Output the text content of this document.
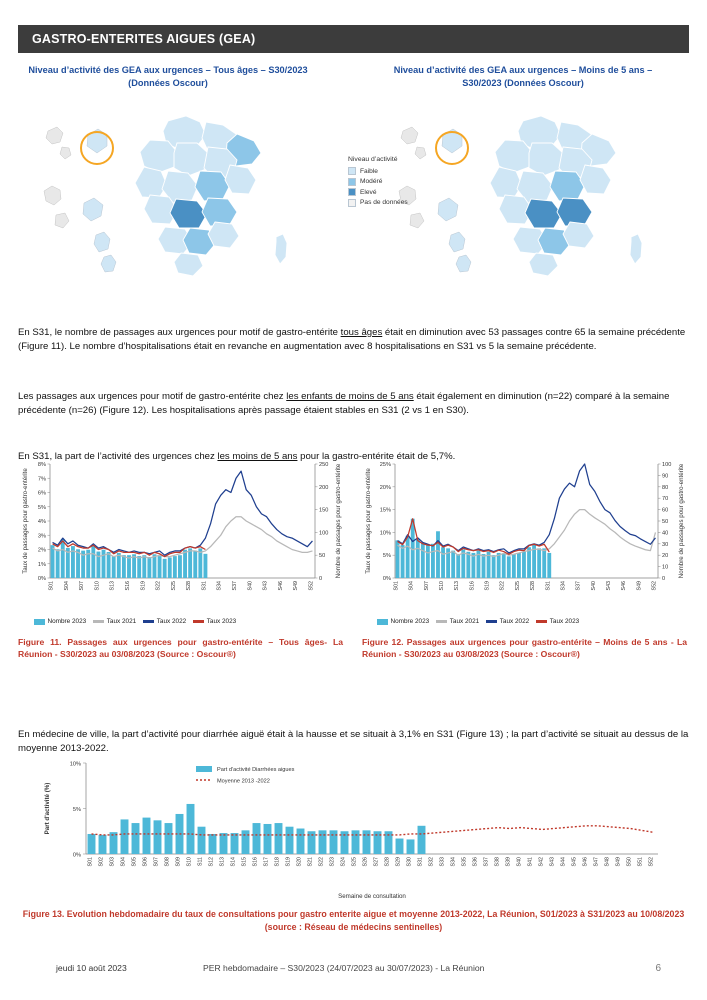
GASTRO-ENTERITES AIGUES (GEA)
Niveau d’activité des GEA aux urgences – Tous âges – S30/2023 (Données Oscour)
Niveau d’activité des GEA aux urgences – Moins de 5 ans – S30/2023 (Données Oscour)
Niveau d’activité
Faible
Modéré
Elevé
Pas de données

En S31, le nombre de passages aux urgences pour motif de gastro-entérite tous âges était en diminution avec 53 passages contre 65 la semaine précédente (Figure 11). Le nombre d’hospitalisations était en revanche en augmentation avec 8 hospitalisations en S31 vs 5 la semaine précédente.

Les passages aux urgences pour motif de gastro-entérite chez les enfants de moins de 5 ans était également en diminution (n=22) comparé à la semaine précédente (n=26) (Figure 12). Les hospitalisations après passage étaient stables en S31 (2 vs 1 en S30).

En S31, la part de l’activité des urgences chez les moins de 5 ans pour la gastro-entérite était de 5,7%.

0%
1%
2%
3%
4%
5%
6%
7%
8%
0
50
100
150
200
250
S01 S04 S07 S10 S13 S16 S19 S22 S25 S28 S31 S34 S37 S40 S43 S46 S49 S52
Taux de passages pour gastro-entérite	Nombre de passages pour gastro-entérite
Nombre 2023	Taux 2021	Taux 2022	Taux 2023
0%
5%
10%
15%
20%
25%
0
10
20
30
40
50
60
70
80
90
100
S01 S04 S07 S10 S13 S16 S19 S22 S25 S28 S31 S34 S37 S40 S43 S46 S49 S52
Taux de passages pour gastro-entérite	Nombre de passages pour gastro-entérite
Nombre 2023	Taux 2021	Taux 2022	Taux 2023
Figure 11. Passages aux urgences pour gastro-entérite – Tous âges- La Réunion - S30/2023 au 03/08/2023 (Source : Oscour®)
Figure 12. Passages aux urgences pour gastro-entérite – Moins de 5 ans - La Réunion - S30/2023 au 03/08/2023 (Source : Oscour®)

En médecine de ville, la part d’activité pour diarrhée aiguë était à la hausse et se situait à 3,1% en S31 (Figure 13) ; la part d’activité se situait au dessus de la moyenne 2013-2022.

0%
5%
10%
S01 S02 S03 S04 S05 S06 S07 S08 S09 S10 S11 S12 S13 S14 S15 S16 S17 S18 S19 S20 S21 S22 S23 S24 S25 S26 S27 S28 S29 S30 S31 S32 S33 S34 S35 S36 S37 S38 S39 S40 S41 S42 S43 S44 S45 S46 S47 S48 S49 S50 S51 S52
Part d'activité (%)
Semaine de consultation
Part d’activité Diarrhées aigues
Moyenne 2013 -2022
Figure 13. Evolution hebdomadaire du taux de consultations pour gastro enterite aigue et moyenne 2013-2022, La Réunion, S01/2023 à S31/2023 au 10/08/2023 (source : Réseau de médecins sentinelles)
jeudi 10 août 2023	PER hebdomadaire – S30/2023 (24/07/2023 au 30/07/2023) - La Réunion	6
